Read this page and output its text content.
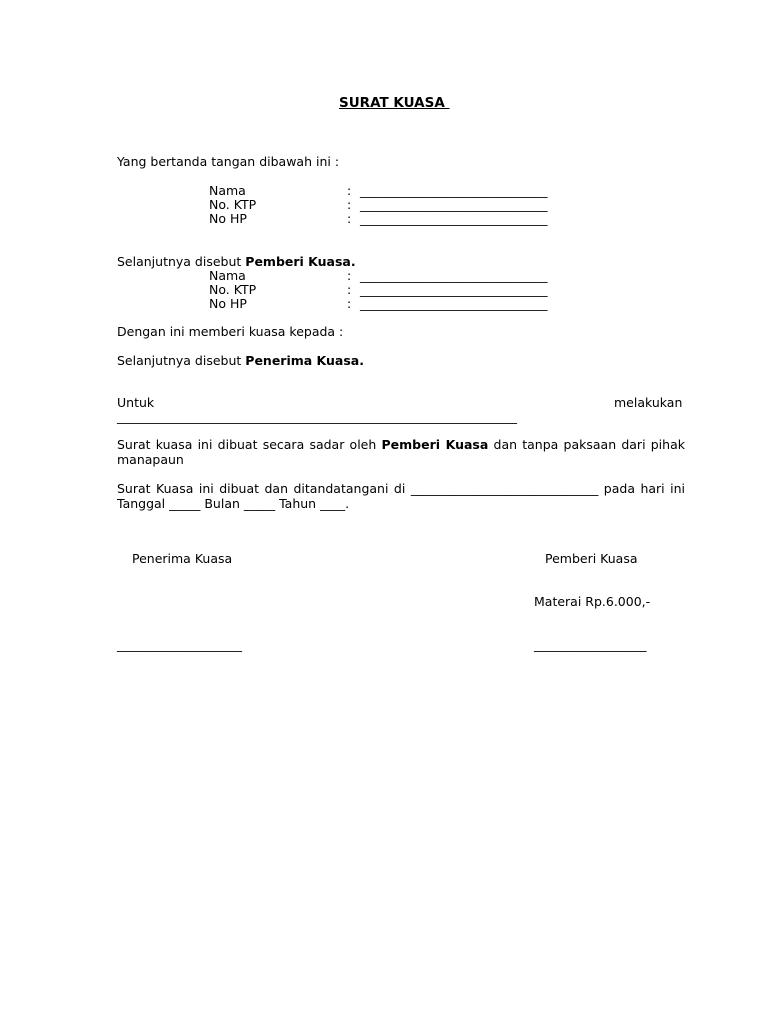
SURAT KUASA
Yang bertanda tangan dibawah ini :
Nama	: ______________________________
No. KTP	: ______________________________
No HP	: ______________________________
Selanjutnya disebut Pemberi Kuasa.
Nama	: ______________________________
No. KTP	: ______________________________
No HP	: ______________________________
Dengan ini memberi kuasa kepada :
Selanjutnya disebut Penerima Kuasa.
Untuk	melakukan
________________________________________________________________
Surat kuasa ini dibuat secara sadar oleh Pemberi Kuasa dan tanpa paksaan dari pihak manapaun
Surat Kuasa ini dibuat dan ditandatangani di ______________________________ pada hari ini Tanggal _____ Bulan _____ Tahun ____.
Penerima Kuasa	Pemberi Kuasa
Materai Rp.6.000,-
____________________	__________________
